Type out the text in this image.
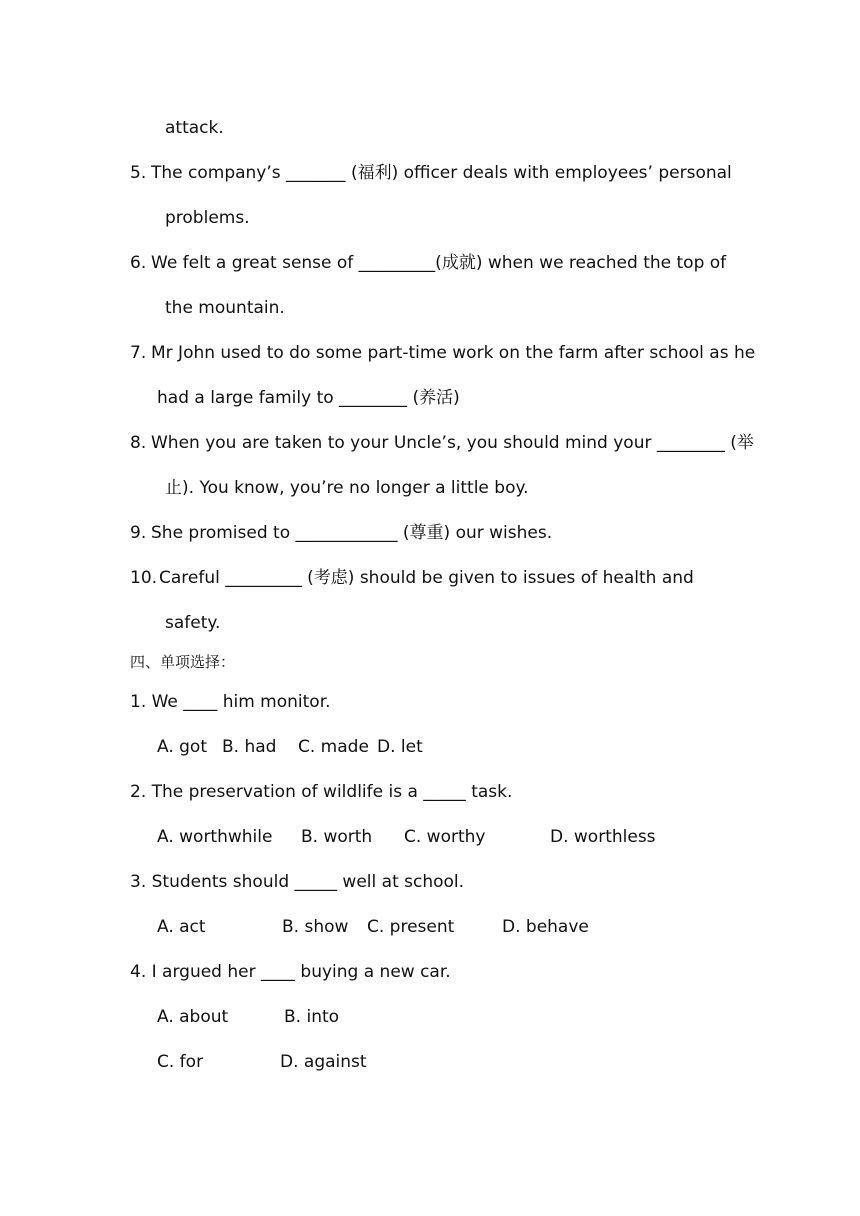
attack.
5. The company’s _______ (福利) officer deals with employees’ personal
problems.
6. We felt a great sense of _________(成就) when we reached the top of
the mountain.
7. Mr John used to do some part-time work on the farm after school as he
had a large family to ________ (养活)
8. When you are taken to your Uncle’s, you should mind your ________ (举
止). You know, you’re no longer a little boy.
9. She promised to ____________ (尊重) our wishes.
10. Careful _________ (考虑) should be given to issues of health and
safety.
四、单项选择：
1. We ____ him monitor.
A. got B. had C. made D. let
2. The preservation of wildlife is a _____ task.
A. worthwhile B. worth C. worthy	D. worthless
3. Students should _____ well at school.
A. act	B. show C. present	D. behave
4. I argued her ____ buying a new car.
A. about	B. into
C. for	D. against
